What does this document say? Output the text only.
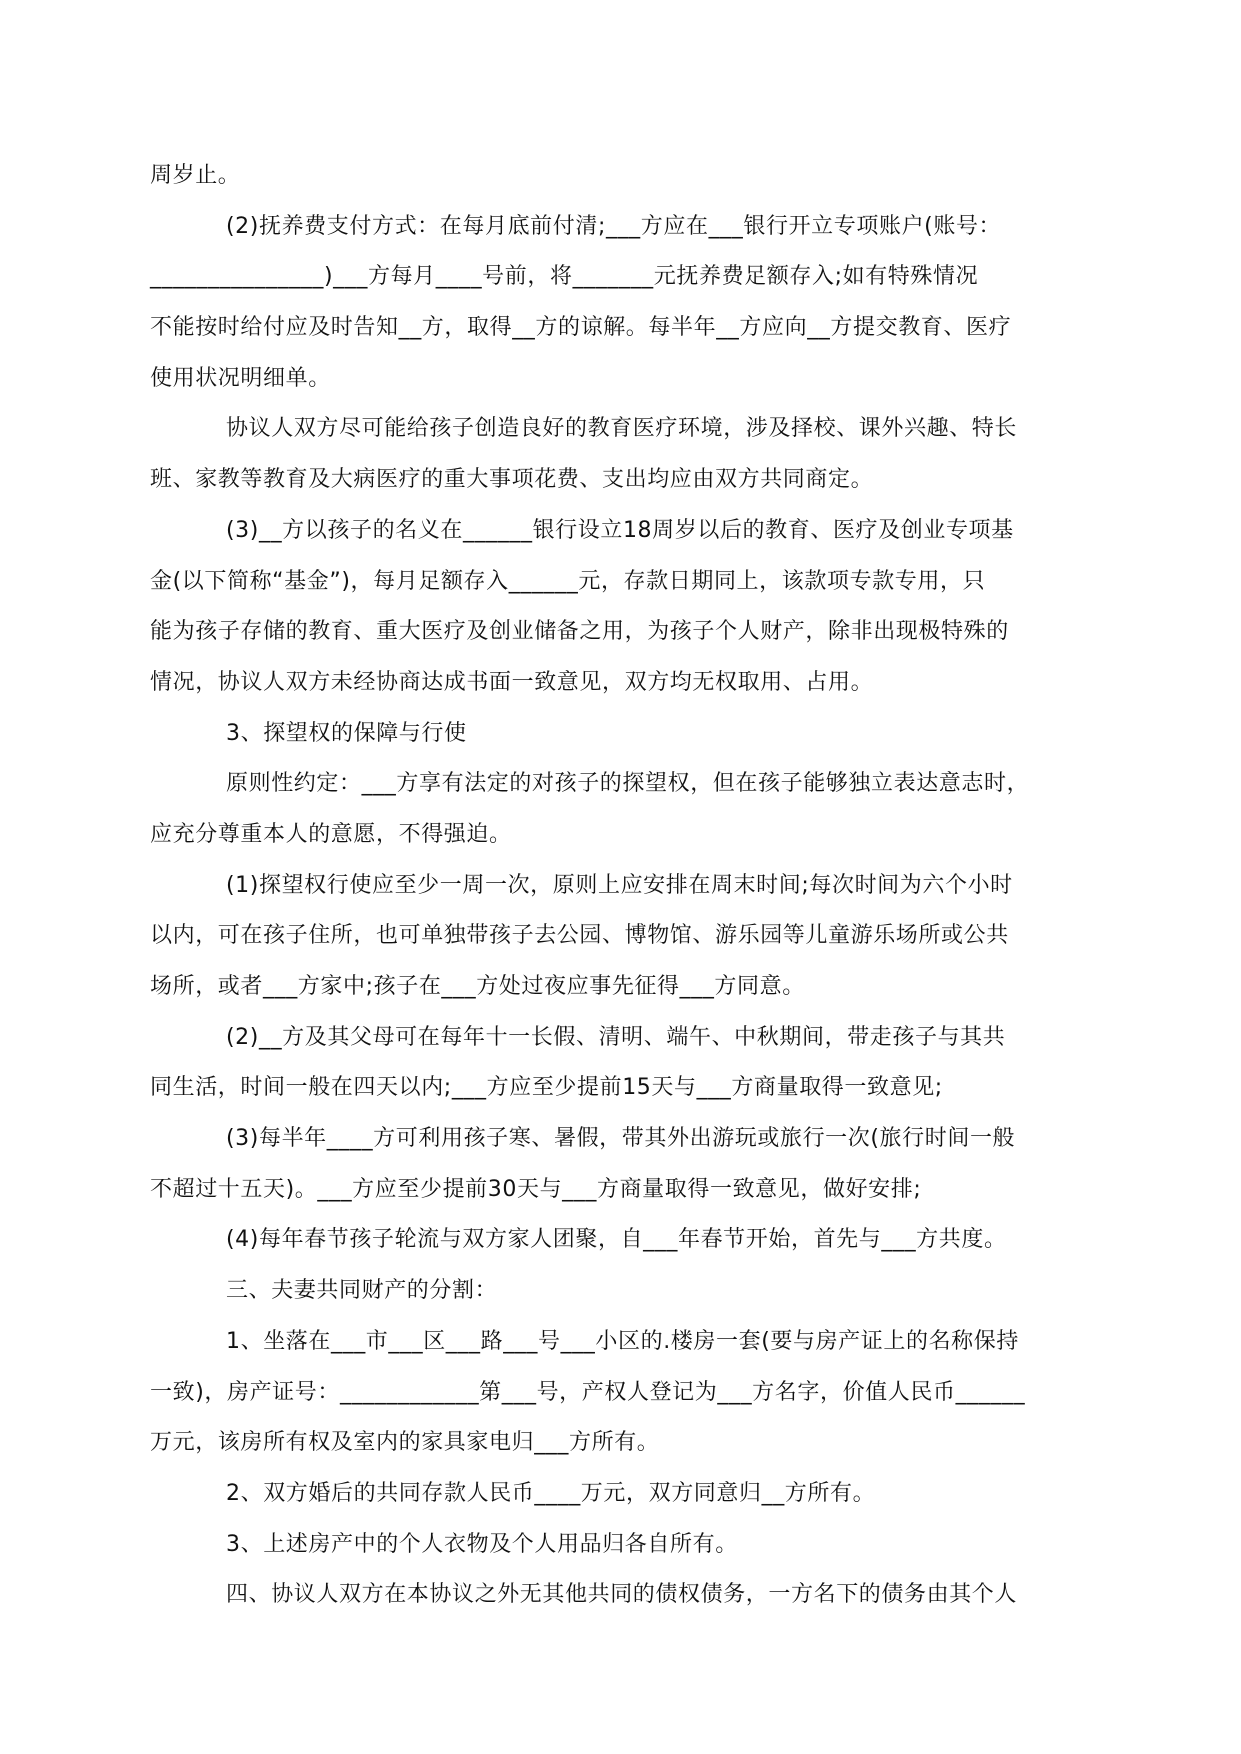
周岁止。
(2)抚养费支付方式：在每月底前付清;___方应在___银行开立专项账户(账号：
_______________)___方每月____号前，将_______元抚养费足额存入;如有特殊情况
不能按时给付应及时告知__方，取得__方的谅解。每半年__方应向__方提交教育、医疗
使用状况明细单。
协议人双方尽可能给孩子创造良好的教育医疗环境，涉及择校、课外兴趣、特长
班、家教等教育及大病医疗的重大事项花费、支出均应由双方共同商定。
(3)__方以孩子的名义在______银行设立18周岁以后的教育、医疗及创业专项基
金(以下简称“基金”)，每月足额存入______元，存款日期同上，该款项专款专用，只
能为孩子存储的教育、重大医疗及创业储备之用，为孩子个人财产，除非出现极特殊的
情况，协议人双方未经协商达成书面一致意见，双方均无权取用、占用。
3、探望权的保障与行使
原则性约定：___方享有法定的对孩子的探望权，但在孩子能够独立表达意志时，
应充分尊重本人的意愿，不得强迫。
(1)探望权行使应至少一周一次，原则上应安排在周末时间;每次时间为六个小时
以内，可在孩子住所，也可单独带孩子去公园、博物馆、游乐园等儿童游乐场所或公共
场所，或者___方家中;孩子在___方处过夜应事先征得___方同意。
(2)__方及其父母可在每年十一长假、清明、端午、中秋期间，带走孩子与其共
同生活，时间一般在四天以内;___方应至少提前15天与___方商量取得一致意见;
(3)每半年____方可利用孩子寒、暑假，带其外出游玩或旅行一次(旅行时间一般
不超过十五天)。___方应至少提前30天与___方商量取得一致意见，做好安排;
(4)每年春节孩子轮流与双方家人团聚，自___年春节开始，首先与___方共度。
三、夫妻共同财产的分割：
1、坐落在___市___区___路___号___小区的.楼房一套(要与房产证上的名称保持
一致)，房产证号：____________第___号，产权人登记为___方名字，价值人民币______
万元，该房所有权及室内的家具家电归___方所有。
2、双方婚后的共同存款人民币____万元，双方同意归__方所有。
3、上述房产中的个人衣物及个人用品归各自所有。
四、协议人双方在本协议之外无其他共同的债权债务，一方名下的债务由其个人
